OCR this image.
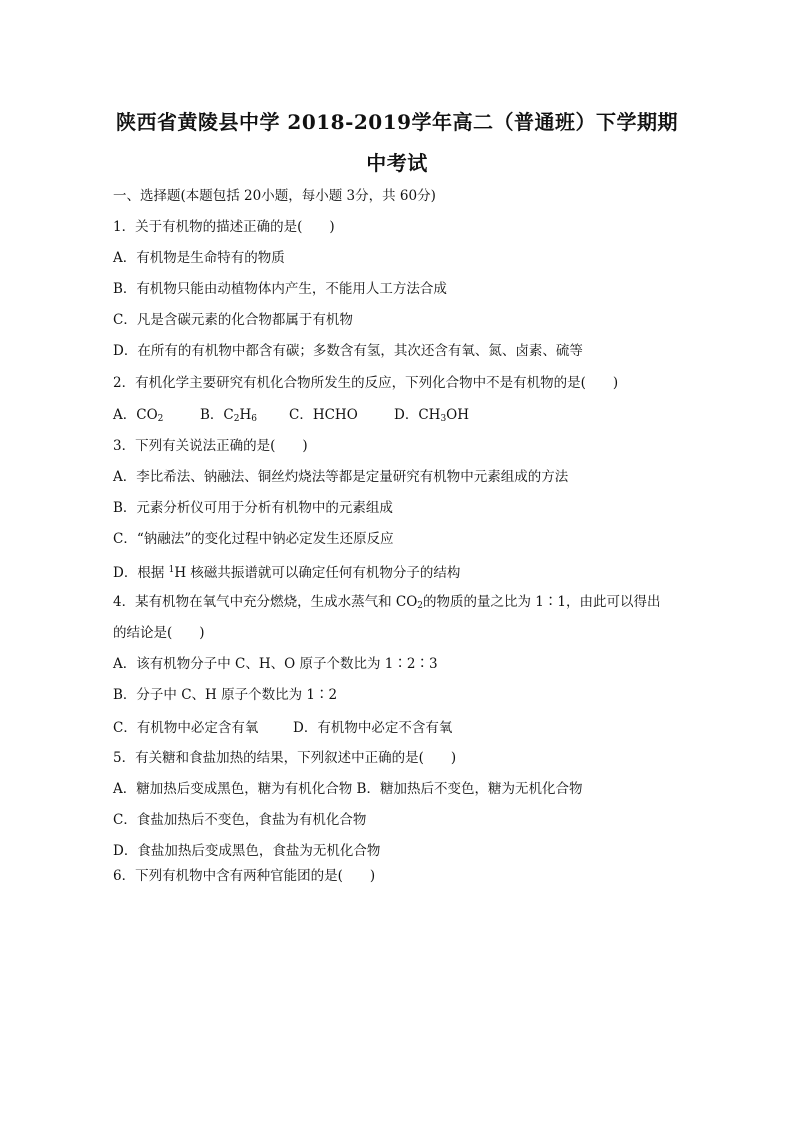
陕西省黄陵县中学 2018-2019学年高二（普通班）下学期期
中考试
一、选择题(本题包括 20小题，每小题 3分，共 60分)
1．关于有机物的描述正确的是(　　)
A．有机物是生命特有的物质
B．有机物只能由动植物体内产生，不能用人工方法合成
C．凡是含碳元素的化合物都属于有机物
D．在所有的有机物中都含有碳；多数含有氢，其次还含有氧、氮、卤素、硫等
2．有机化学主要研究有机化合物所发生的反应，下列化合物中不是有机物的是(　　)
A．$CO_2$	B．$C_2H_6$ C．HCHO	D．$CH_3OH$
3．下列有关说法正确的是(　　)
A．李比希法、钠融法、铜丝灼烧法等都是定量研究有机物中元素组成的方法
B．元素分析仪可用于分析有机物中的元素组成
C．“钠融法”的变化过程中钠必定发生还原反应
D．根据 $^1$H 核磁共振谱就可以确定任何有机物分子的结构
4．某有机物在氧气中充分燃烧，生成水蒸气和 $CO_2$的物质的量之比为 1∶1，由此可以得出
的结论是(　　)
A．该有机物分子中 C、H、O 原子个数比为 1∶2∶3
B．分子中 C、H 原子个数比为 1∶2
C．有机物中必定含有氧	D．有机物中必定不含有氧
5．有关糖和食盐加热的结果，下列叙述中正确的是(　　)
A．糖加热后变成黑色，糖为有机化合物 B．糖加热后不变色，糖为无机化合物
C．食盐加热后不变色，食盐为有机化合物
D．食盐加热后变成黑色，食盐为无机化合物
6．下列有机物中含有两种官能团的是(　　)
